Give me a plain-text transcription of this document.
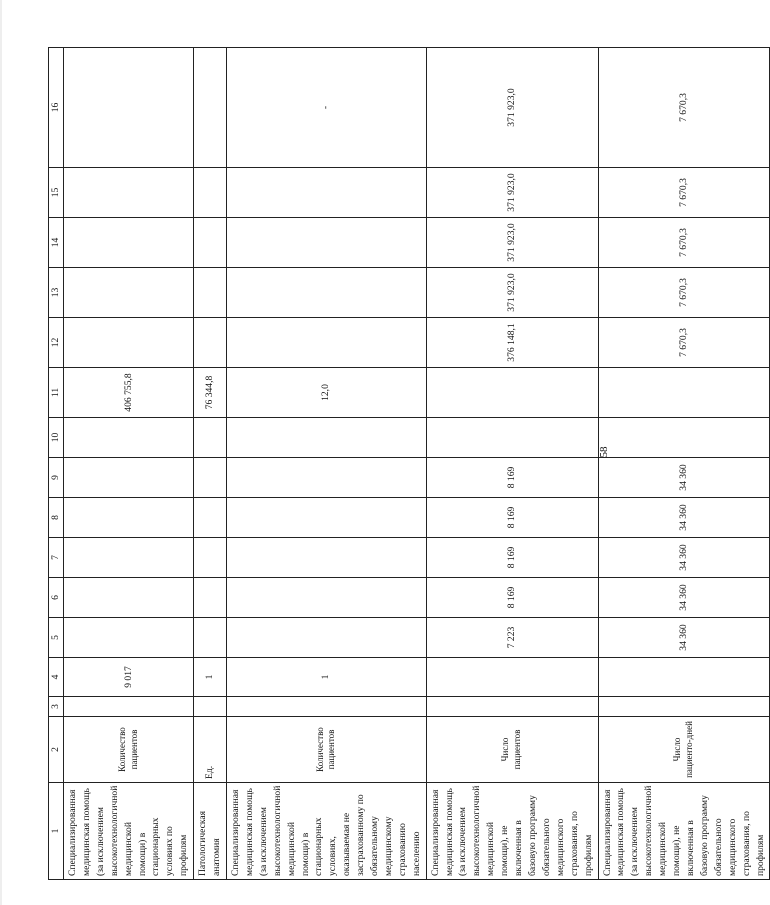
58
1	2	3	4	5	6	7	8	9	10	11	12	13	14	15	16
Специализированная медицинская помощь (за исключением высокотехнологичной медицинской помощи) в стационарных условиях по профилям	Количество пациентов		9 017							406 755,8					
Патологическая анатомия	Ед.		1							76 344,8					
Специализированная медицинская помощь (за исключением высокотехнологичной медицинской помощи) в стационарных условиях, оказываемая не застрахованному по обязательному медицинскому страхованию населению	Количество пациентов		1							12,0					-
Специализированная медицинская помощь (за исключением высокотехнологичной медицинской помощи), не включенная в базовую программу обязательного медицинского страхования, по профилям	Число пациентов			7 223	8 169	8 169	8 169	8 169			376 148,1	371 923,0	371 923,0	371 923,0	371 923,0
Специализированная медицинская помощь (за исключением высокотехнологичной медицинской помощи), не включенная в базовую программу обязательного медицинского страхования, по профилям	Число пациенто-дней			34 360	34 360	34 360	34 360	34 360			7 670,3	7 670,3	7 670,3	7 670,3	7 670,3
